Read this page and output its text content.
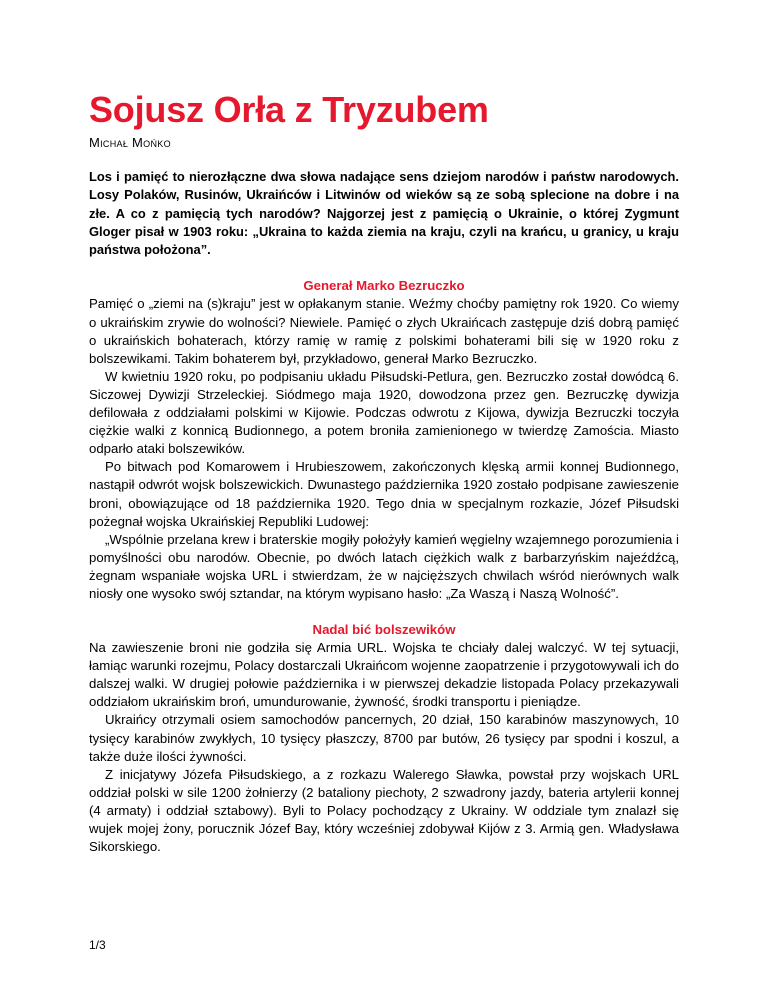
Sojusz Orła z Tryzubem
Michał Mońko

Los i pamięć to nierozłączne dwa słowa nadające sens dziejom narodów i państw narodowych. Losy Polaków, Rusinów, Ukraińców i Litwinów od wieków są ze sobą splecione na dobre i na złe. A co z pamięcią tych narodów? Najgorzej jest z pamięcią o Ukrainie, o której Zygmunt Gloger pisał w 1903 roku: „Ukraina to każda ziemia na kraju, czyli na krańcu, u granicy, u kraju państwa położona”.

Generał Marko Bezruczko

Pamięć o „ziemi na (s)kraju” jest w opłakanym stanie. Weźmy choćby pamiętny rok 1920. Co wiemy o ukraińskim zrywie do wolności? Niewiele. Pamięć o złych Ukraińcach zastępuje dziś dobrą pamięć o ukraińskich bohaterach, którzy ramię w ramię z polskimi bohaterami bili się w 1920 roku z bolszewikami. Takim bohaterem był, przykładowo, generał Marko Bezruczko.

W kwietniu 1920 roku, po podpisaniu układu Piłsudski-Petlura, gen. Bezruczko został dowódcą 6. Siczowej Dywizji Strzeleckiej. Siódmego maja 1920, dowodzona przez gen. Bezruczkę dywizja defilowała z oddziałami polskimi w Kijowie. Podczas odwrotu z Kijowa, dywizja Bezruczki toczyła ciężkie walki z konnicą Budionnego, a potem broniła zamienionego w twierdzę Zamościa. Miasto odparło ataki bolszewików.

Po bitwach pod Komarowem i Hrubieszowem, zakończonych klęską armii konnej Budionnego, nastąpił odwrót wojsk bolszewickich. Dwunastego października 1920 zostało podpisane zawieszenie broni, obowiązujące od 18 października 1920. Tego dnia w specjalnym rozkazie, Józef Piłsudski pożegnał wojska Ukraińskiej Republiki Ludowej:

„Wspólnie przelana krew i braterskie mogiły położyły kamień węgielny wzajemnego porozumienia i pomyślności obu narodów. Obecnie, po dwóch latach ciężkich walk z barbarzyńskim najeźdźcą, żegnam wspaniałe wojska URL i stwierdzam, że w najcięższych chwilach wśród nierównych walk niosły one wysoko swój sztandar, na którym wypisano hasło: „Za Waszą i Naszą Wolność”.

Nadal bić bolszewików

Na zawieszenie broni nie godziła się Armia URL. Wojska te chciały dalej walczyć. W tej sytuacji, łamiąc warunki rozejmu, Polacy dostarczali Ukraińcom wojenne zaopatrzenie i przygotowywali ich do dalszej walki. W drugiej połowie października i w pierwszej dekadzie listopada Polacy przekazywali oddziałom ukraińskim broń, umundurowanie, żywność, środki transportu i pieniądze.

Ukraińcy otrzymali osiem samochodów pancernych, 20 dział, 150 karabinów maszynowych, 10 tysięcy karabinów zwykłych, 10 tysięcy płaszczy, 8700 par butów, 26 tysięcy par spodni i koszul, a także duże ilości żywności.

Z inicjatywy Józefa Piłsudskiego, a z rozkazu Walerego Sławka, powstał przy wojskach URL oddział polski w sile 1200 żołnierzy (2 bataliony piechoty, 2 szwadrony jazdy, bateria artylerii konnej (4 armaty) i oddział sztabowy). Byli to Polacy pochodzący z Ukrainy. W oddziale tym znalazł się wujek mojej żony, porucznik Józef Bay, który wcześniej zdobywał Kijów z 3. Armią gen. Władysława Sikorskiego.

1/3
